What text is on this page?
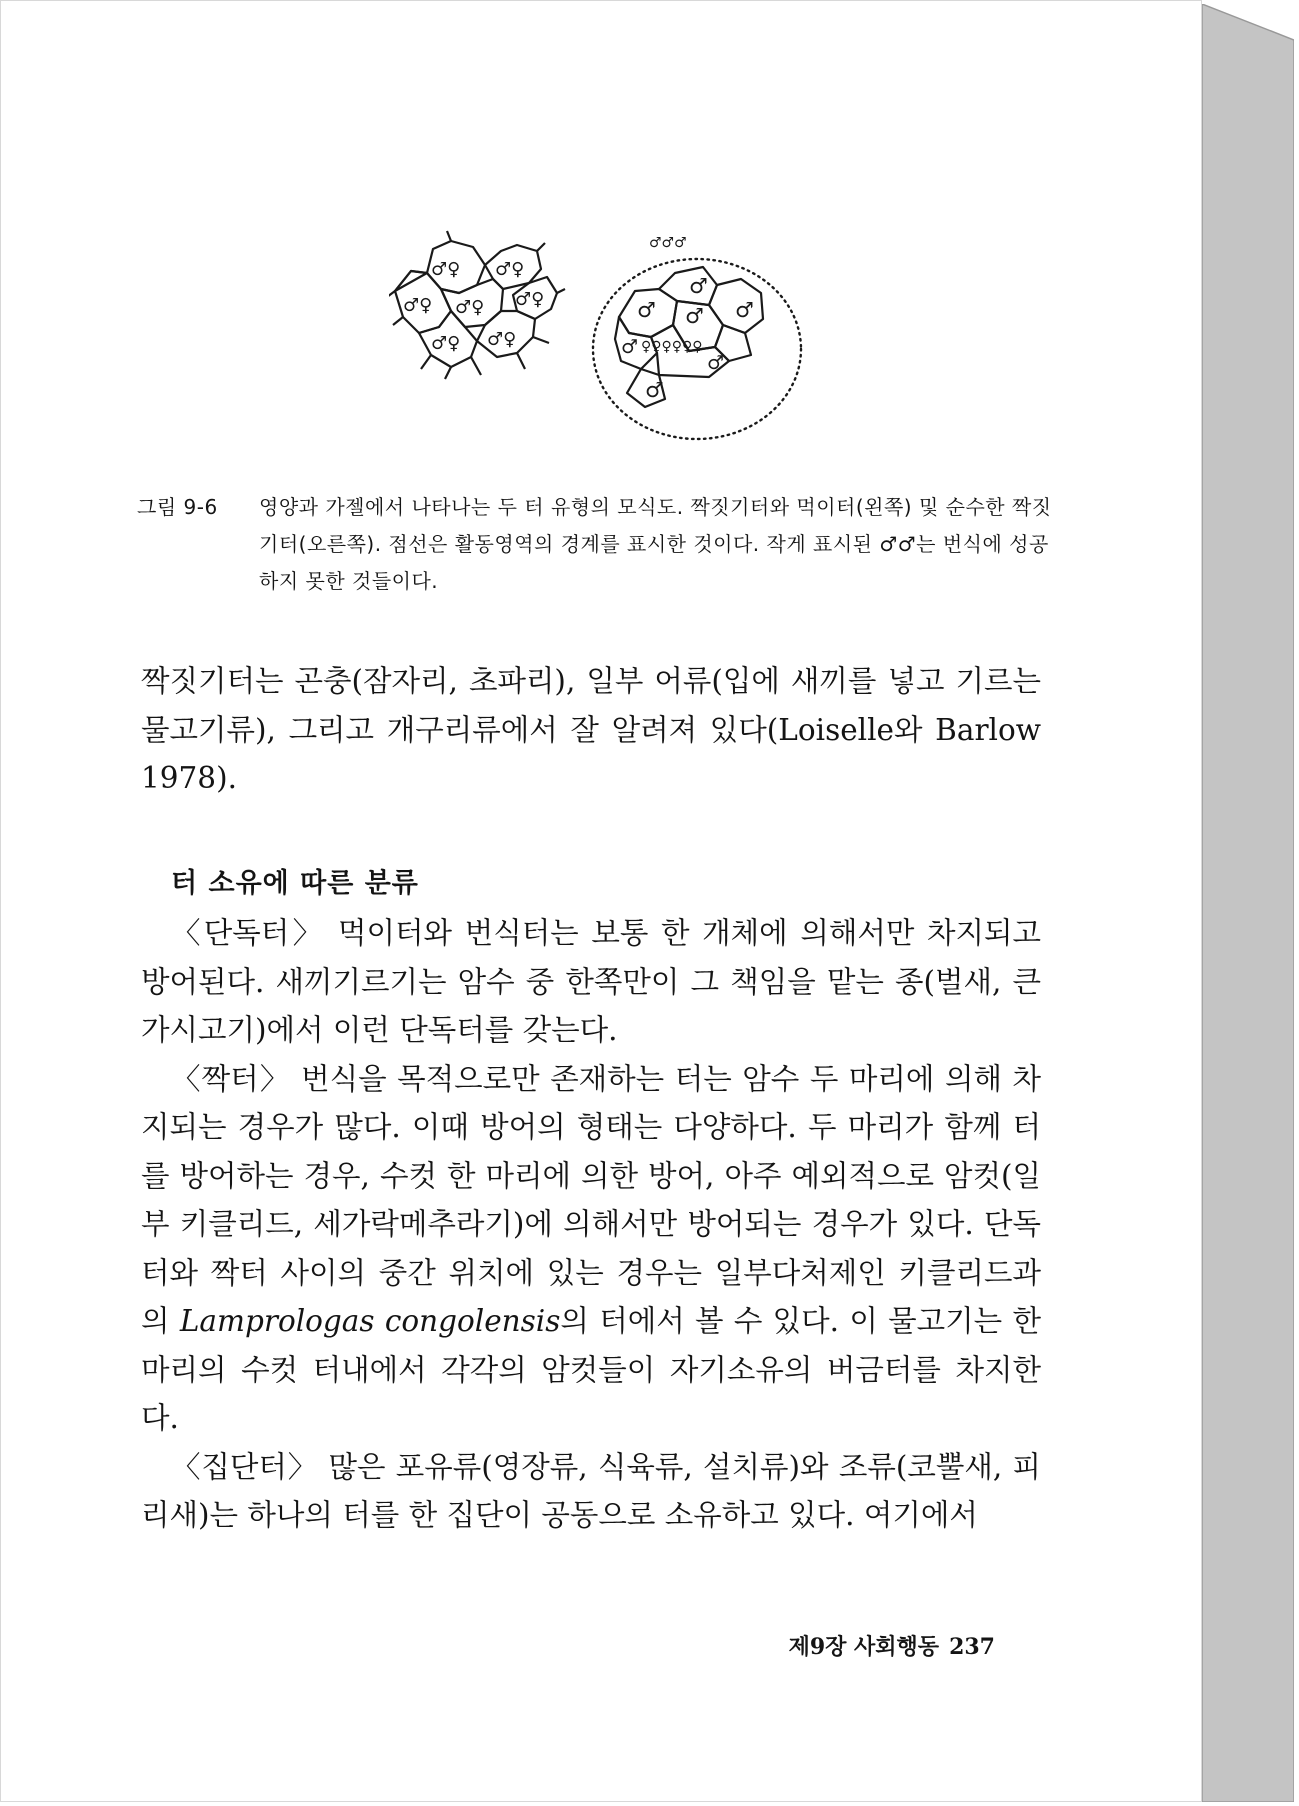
♂♀ ♂♀
♂♀
♂♀ ♂♀
♂♀ ♂♀
♂♂♂
♂
♂ ♂ ♂
♂
♂
♂
♀♀♀♀♀♀
그림 9-6 영양과 가젤에서 나타나는 두 터 유형의 모식도. 짝짓기터와 먹이터(왼쪽) 및 순수한 짝짓기터(오른쪽). 점선은 활동영역의 경계를 표시한 것이다. 작게 표시된 ♂♂는 번식에 성공하지 못한 것들이다.

짝짓기터는 곤충(잠자리, 초파리), 일부 어류(입에 새끼를 넣고 기르는 물고기류), 그리고 개구리류에서 잘 알려져 있다(Loiselle와 Barlow 1978).

터 소유에 따른 분류

〈단독터〉 먹이터와 번식터는 보통 한 개체에 의해서만 차지되고 방어된다. 새끼기르기는 암수 중 한쪽만이 그 책임을 맡는 종(벌새, 큰가시고기)에서 이런 단독터를 갖는다.

〈짝터〉 번식을 목적으로만 존재하는 터는 암수 두 마리에 의해 차지되는 경우가 많다. 이때 방어의 형태는 다양하다. 두 마리가 함께 터를 방어하는 경우, 수컷 한 마리에 의한 방어, 아주 예외적으로 암컷(일부 키클리드, 세가락메추라기)에 의해서만 방어되는 경우가 있다. 단독터와 짝터 사이의 중간 위치에 있는 경우는 일부다처제인 키클리드과의 Lamprologas congolensis의 터에서 볼 수 있다. 이 물고기는 한 마리의 수컷 터내에서 각각의 암컷들이 자기소유의 버금터를 차지한다.

〈집단터〉 많은 포유류(영장류, 식육류, 설치류)와 조류(코뿔새, 피리새)는 하나의 터를 한 집단이 공동으로 소유하고 있다. 여기에서

제9장 사회행동 237
